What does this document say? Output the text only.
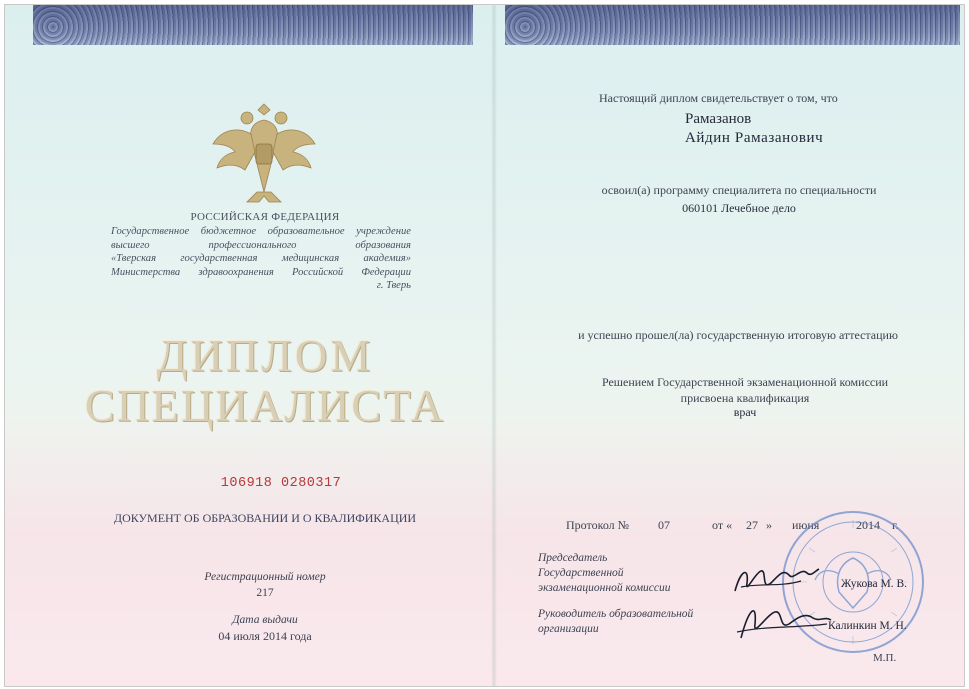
РОССИЙСКАЯ ФЕДЕРАЦИЯ
Государственное бюджетное образовательное учреждение
высшего профессионального образования
«Тверская государственная медицинская академия»
Министерства здравоохранения Российской Федерации
г. Тверь
ДИПЛОМ
СПЕЦИАЛИСТА
106918 0280317
ДОКУМЕНТ ОБ ОБРАЗОВАНИИ И О КВАЛИФИКАЦИИ
Регистрационный номер
217
Дата выдачи
04 июля 2014 года
Настоящий диплом свидетельствует о том, что
Рамазанов
Айдин Рамазанович
освоил(а) программу специалитета по специальности
060101 Лечебное дело
и успешно прошел(ла) государственную итоговую аттестацию
Решением Государственной экзаменационной комиссии
присвоена квалификация
врач
Протокол № 07	от « 27 » июня	2014 г.
Председатель
Государственной
экзаменационной комиссии
Руководитель образовательной
организации
Жукова М. В.
Калинкин М. Н.
М.П.
